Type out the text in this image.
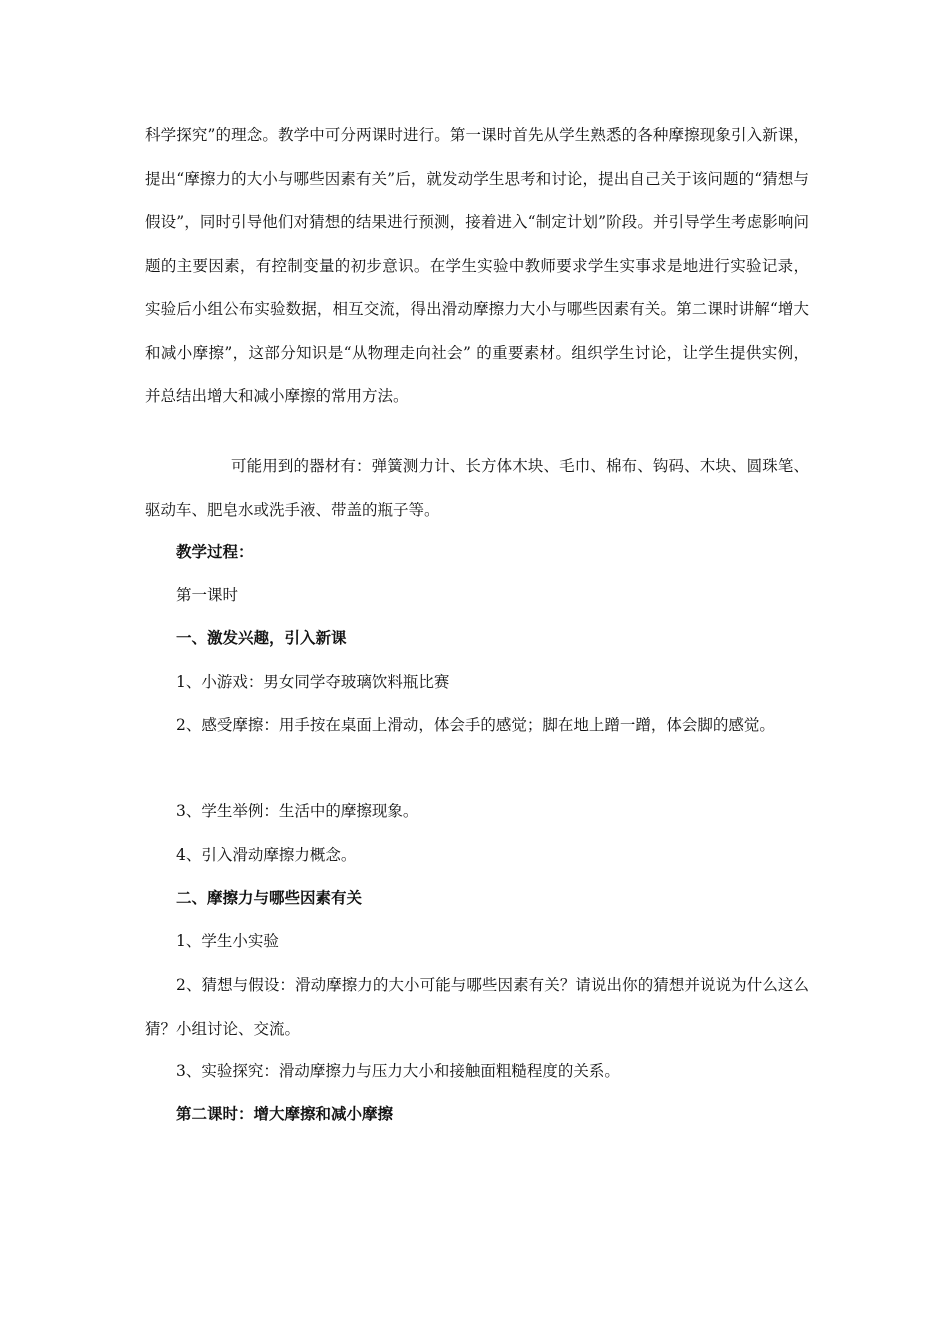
科学探究”的理念。教学中可分两课时进行。第一课时首先从学生熟悉的各种摩擦现象引入新课，提出“摩擦力的大小与哪些因素有关”后，就发动学生思考和讨论，提出自己关于该问题的“猜想与假设”，同时引导他们对猜想的结果进行预测，接着进入“制定计划”阶段。并引导学生考虑影响问题的主要因素，有控制变量的初步意识。在学生实验中教师要求学生实事求是地进行实验记录，实验后小组公布实验数据，相互交流，得出滑动摩擦力大小与哪些因素有关。第二课时讲解“增大和减小摩擦”，这部分知识是“从物理走向社会” 的重要素材。组织学生讨论，让学生提供实例，并总结出增大和减小摩擦的常用方法。

可能用到的器材有：弹簧测力计、长方体木块、毛巾、棉布、钩码、木块、圆珠笔、驱动车、肥皂水或洗手液、带盖的瓶子等。

教学过程：

第一课时

一、激发兴趣，引入新课

1、小游戏：男女同学夺玻璃饮料瓶比赛

2、感受摩擦：用手按在桌面上滑动，体会手的感觉；脚在地上蹭一蹭，体会脚的感觉。

3、学生举例：生活中的摩擦现象。

4、引入滑动摩擦力概念。

二、摩擦力与哪些因素有关

1、学生小实验

2、猜想与假设：滑动摩擦力的大小可能与哪些因素有关？请说出你的猜想并说说为什么这么猜？小组讨论、交流。

3、实验探究：滑动摩擦力与压力大小和接触面粗糙程度的关系。

第二课时：增大摩擦和减小摩擦
